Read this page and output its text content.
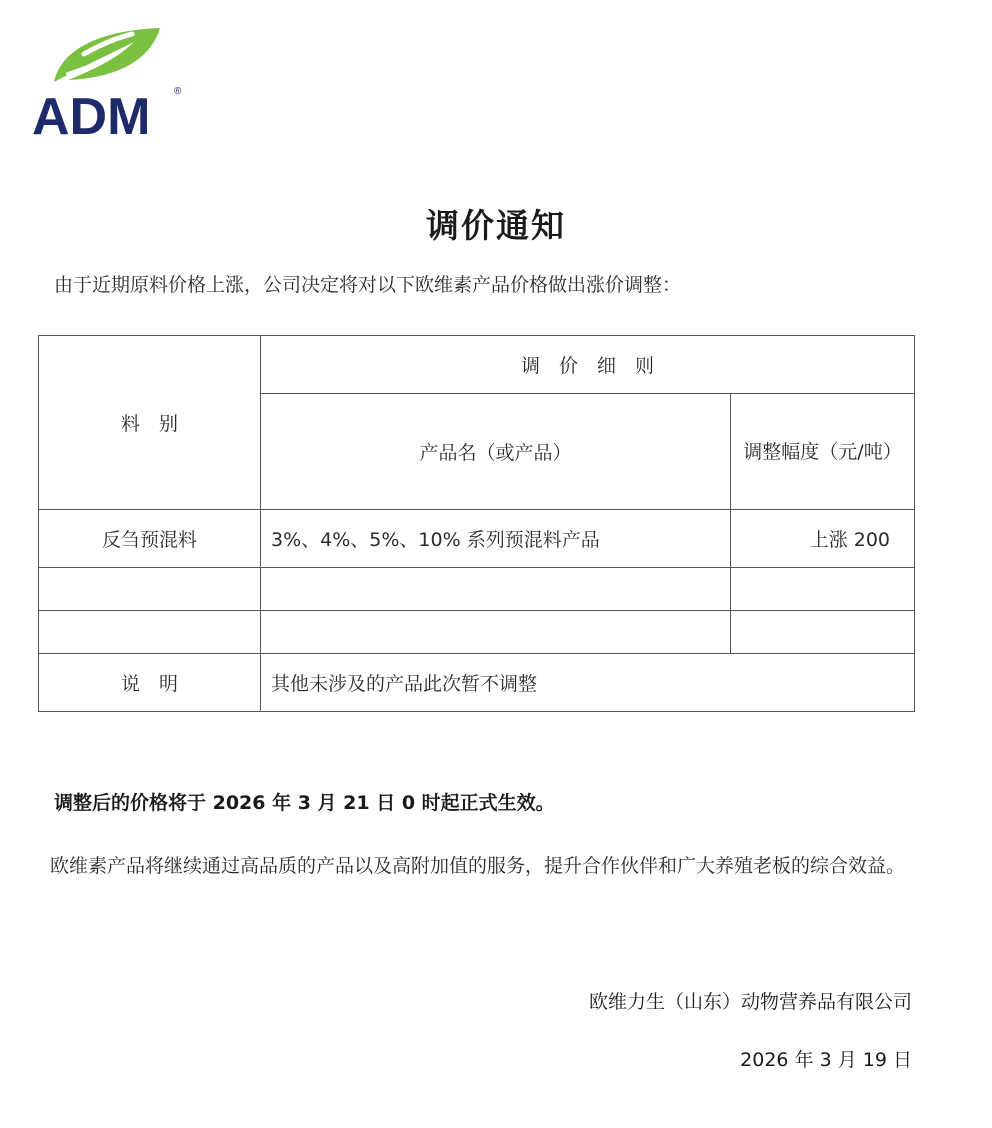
ADM ®
调价通知
由于近期原料价格上涨，公司决定将对以下欧维素产品价格做出涨价调整：
料　别	调　价　细　则	
	产品名（或产品）	调整幅度（元/吨）
反刍预混料	3%、4%、5%、10% 系列预混料产品	上涨 200

说　明	其他未涉及的产品此次暂不调整	
调整后的价格将于 2026 年 3 月 21 日 0 时起正式生效。
欧维素产品将继续通过高品质的产品以及高附加值的服务，提升合作伙伴和广大养殖老板的综合效益。
欧维力生（山东）动物营养品有限公司
2026 年 3 月 19 日
